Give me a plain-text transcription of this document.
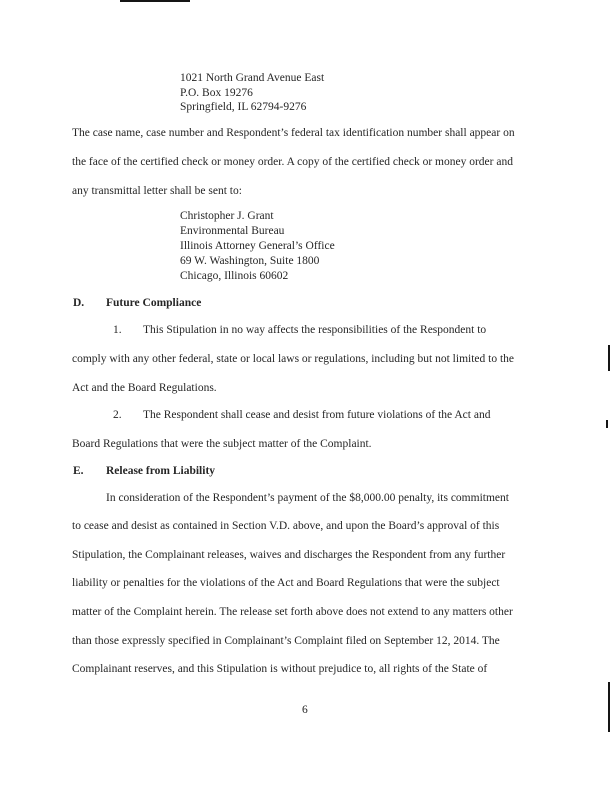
1021 North Grand Avenue East
P.O. Box 19276
Springfield, IL 62794-9276
The case name, case number and Respondent’s federal tax identification number shall appear on
the face of the certified check or money order. A copy of the certified check or money order and
any transmittal letter shall be sent to:
Christopher J. Grant
Environmental Bureau
Illinois Attorney General’s Office
69 W. Washington, Suite 1800
Chicago, Illinois 60602
D. Future Compliance
1. This Stipulation in no way affects the responsibilities of the Respondent to
comply with any other federal, state or local laws or regulations, including but not limited to the
Act and the Board Regulations.
2. The Respondent shall cease and desist from future violations of the Act and
Board Regulations that were the subject matter of the Complaint.
E. Release from Liability
In consideration of the Respondent’s payment of the $8,000.00 penalty, its commitment
to cease and desist as contained in Section V.D. above, and upon the Board’s approval of this
Stipulation, the Complainant releases, waives and discharges the Respondent from any further
liability or penalties for the violations of the Act and Board Regulations that were the subject
matter of the Complaint herein. The release set forth above does not extend to any matters other
than those expressly specified in Complainant’s Complaint filed on September 12, 2014. The
Complainant reserves, and this Stipulation is without prejudice to, all rights of the State of
6
